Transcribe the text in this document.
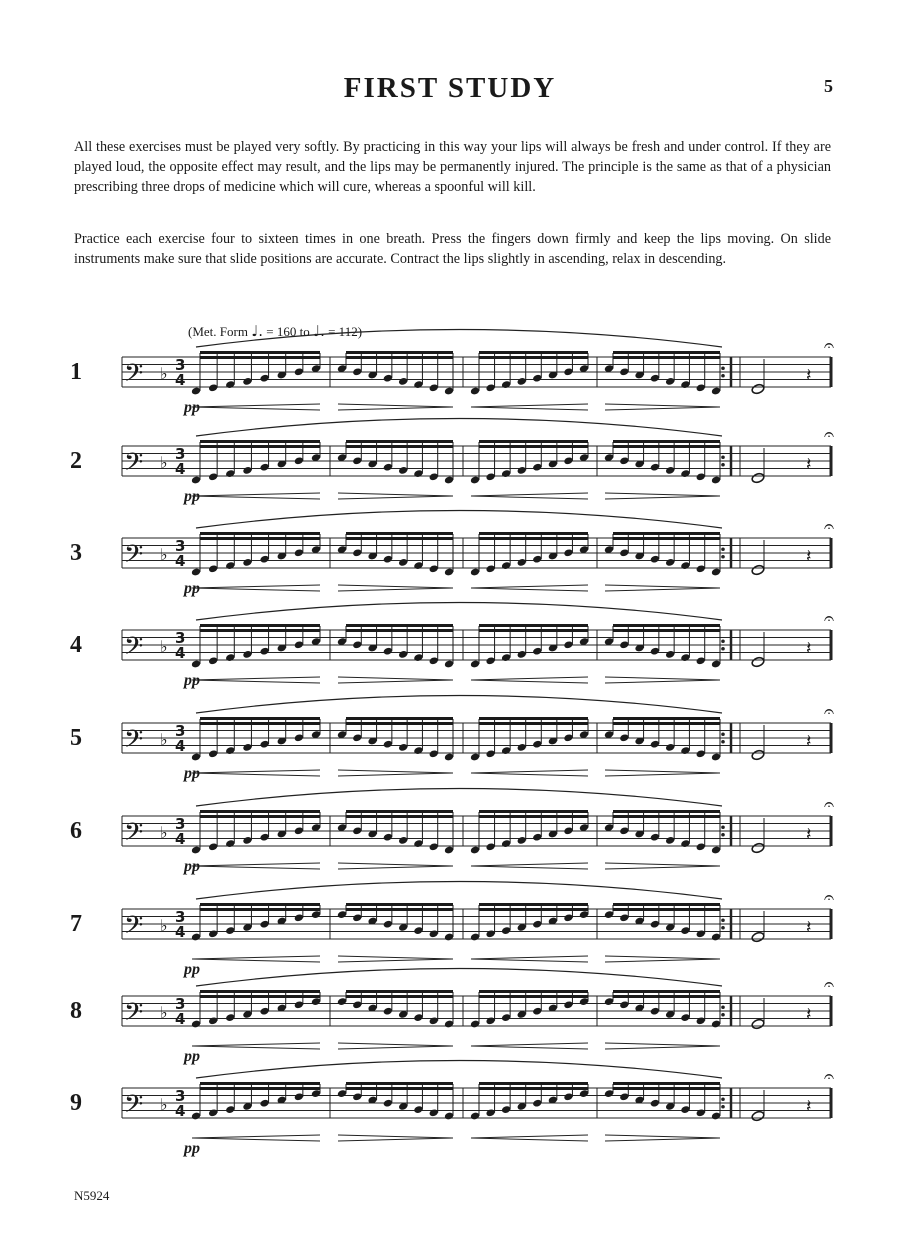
FIRST STUDY	5
All these exercises must be played very softly. By practicing in this way your lips will always be fresh and under control. If they are played loud, the opposite effect may result, and the lips may be permanently injured. The principle is the same as that of a physician prescribing three drops of medicine which will cure, whereas a spoonful will kill.
Practice each exercise four to sixteen times in one breath. Press the fingers down firmly and keep the lips moving. On slide instruments make sure that slide positions are accurate. Contract the lips slightly in ascending, relax in descending.
(Met. Form ♩. = 160 to ♩. = 112)
𝄢 ♭ 3
4	𝄽
𝄐
𝄢 ♭ 3
4	𝄽
𝄐
𝄢 ♭ 3
4	𝄽
𝄐
𝄢 ♭ 3
4	𝄽
𝄐
𝄢 ♭ 3
4	𝄽
𝄐
𝄢 ♭ 3
4	𝄽
𝄐
𝄢 ♭ 3
4	𝄽
𝄐
𝄢 ♭ 3
4	𝄽
𝄐
𝄢 ♭ 3
4	𝄽
𝄐
1
pp
2
pp
3
pp
4
pp
5
pp
6
pp
7
pp
8
pp
9
pp
N5924
